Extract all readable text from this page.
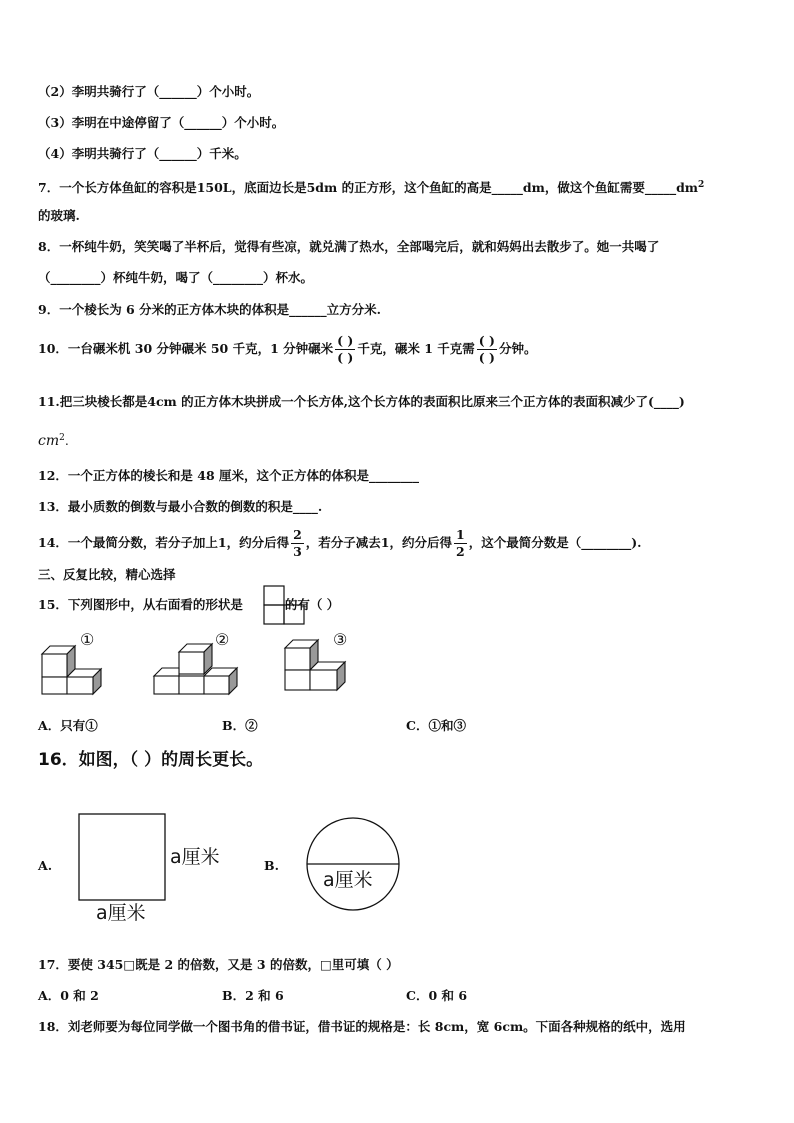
（2）李明共骑行了（______）个小时。
（3）李明在中途停留了（______）个小时。
（4）李明共骑行了（______）千米。
7．一个长方体鱼缸的容积是150L，底面边长是5dm 的正方形，这个鱼缸的高是_____dm，做这个鱼缸需要$\_\_\_\_\_dm^2$
的玻璃.
8．一杯纯牛奶，笑笑喝了半杯后，觉得有些凉，就兑满了热水，全部喝完后，就和妈妈出去散步了。她一共喝了
（________）杯纯牛奶，喝了（________）杯水。
9．一个棱长为 6 分米的正方体木块的体积是______立方分米.
10．一台碾米机 30 分钟碾米 50 千克，1 分钟碾米 $\frac{( )}{( )}$ 千克，碾米 1 千克需 $\frac{( )}{( )}$ 分钟。
11.把三块棱长都是4cm 的正方体木块拼成一个长方体,这个长方体的表面积比原来三个正方体的表面积减少了(____)
$cm^2$.
12．一个正方体的棱长和是 48 厘米，这个正方体的体积是________
13．最小质数的倒数与最小合数的倒数的积是____.
14．一个最简分数，若分子加上1，约分后得 $\frac{2}{3}$ ，若分子减去1，约分后得 $\frac{1}{2}$ ，这个最简分数是（________).
三、反复比较，精心选择
15．下列图形中，从右面看的形状是	的有（ ）
①	②	③
A．只有①	B．②	C．①和③
16．如图，（ ）的周长更长。
A.	a厘米
a厘米
B.
a厘米
17．要使 345□既是 2 的倍数，又是 3 的倍数，□里可填（ ）
A．0 和 2	B．2 和 6	C．0 和 6
18．刘老师要为每位同学做一个图书角的借书证，借书证的规格是：长 8cm，宽 6cm。下面各种规格的纸中，选用
